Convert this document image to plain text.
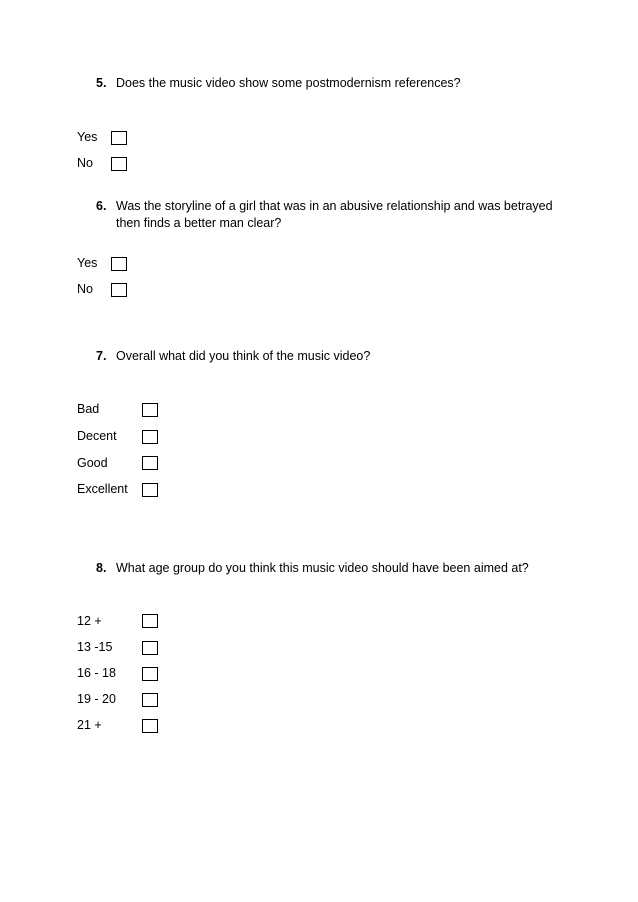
5. Does the music video show some postmodernism references?
Yes
No
6. Was the storyline of a girl that was in an abusive relationship and was betrayed then finds a better man clear?
Yes
No
7. Overall what did you think of the music video?
Bad
Decent
Good
Excellent
8. What age group do you think this music video should have been aimed at?
12 +
13 -15
16 - 18
19 - 20
21 +
